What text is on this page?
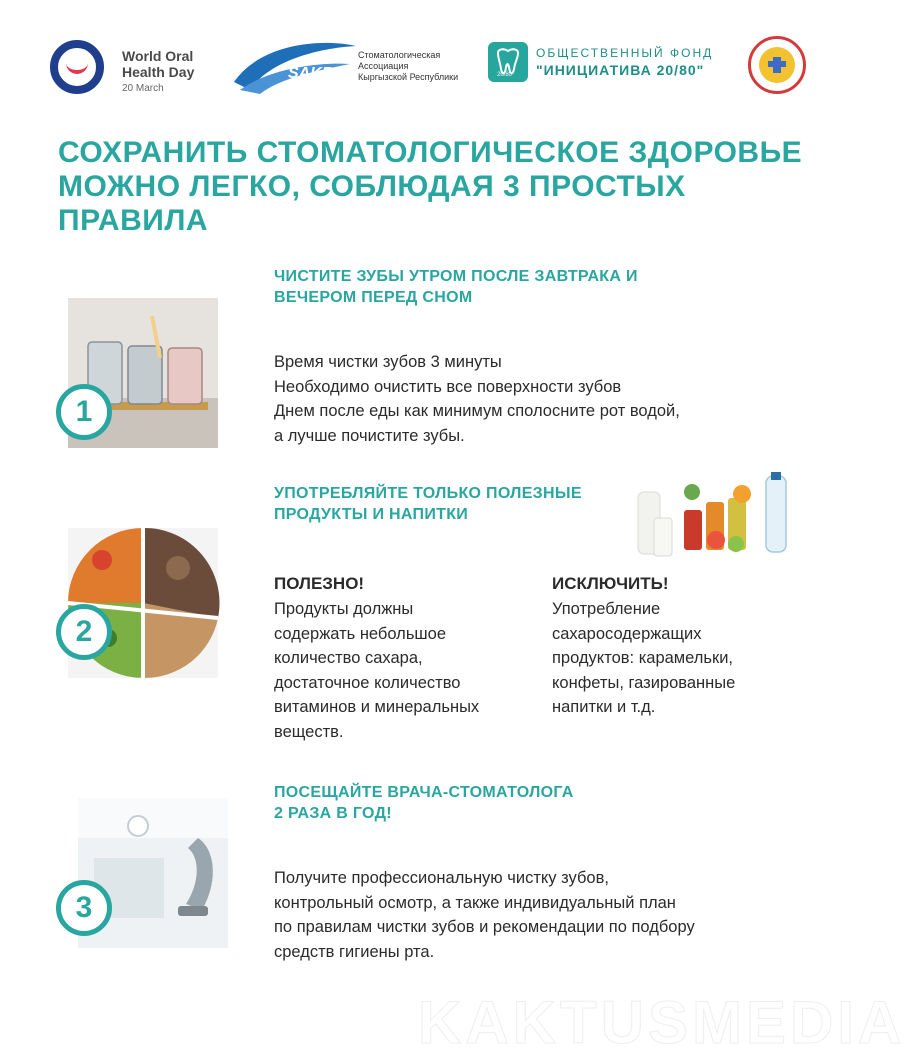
World Oral
Health Day
20 March
SAKR
Стоматологическая
Ассоциация
Кыргызской Республики	20/80
ОБЩЕСТВЕННЫЙ ФОНД
"ИНИЦИАТИВА 20/80"
СОХРАНИТЬ СТОМАТОЛОГИЧЕСКОЕ ЗДОРОВЬЕ
МОЖНО ЛЕГКО, СОБЛЮДАЯ 3 ПРОСТЫХ ПРАВИЛА
1
ЧИСТИТЕ ЗУБЫ УТРОМ ПОСЛЕ ЗАВТРАКА И
ВЕЧЕРОМ ПЕРЕД СНОМ
Время чистки зубов 3 минуты
Необходимо очистить все поверхности зубов
Днем после еды как минимум сполосните рот водой,
а лучше почистите зубы.
2
УПОТРЕБЛЯЙТЕ ТОЛЬКО ПОЛЕЗНЫЕ
ПРОДУКТЫ И НАПИТКИ
ПОЛЕЗНО!
Продукты должны
содержать небольшое
количество сахара,
достаточное количество
витаминов и минеральных
веществ.
ИСКЛЮЧИТЬ!
Употребление
сахаросодержащих
продуктов: карамельки,
конфеты, газированные
напитки и т.д.
3
ПОСЕЩАЙТЕ ВРАЧА-СТОМАТОЛОГА
2 РАЗА В ГОД!
Получите профессиональную чистку зубов,
контрольный осмотр, а также индивидуальный план
по правилам чистки зубов и рекомендации по подбору
средств гигиены рта.
KAKTUSMEDIA
